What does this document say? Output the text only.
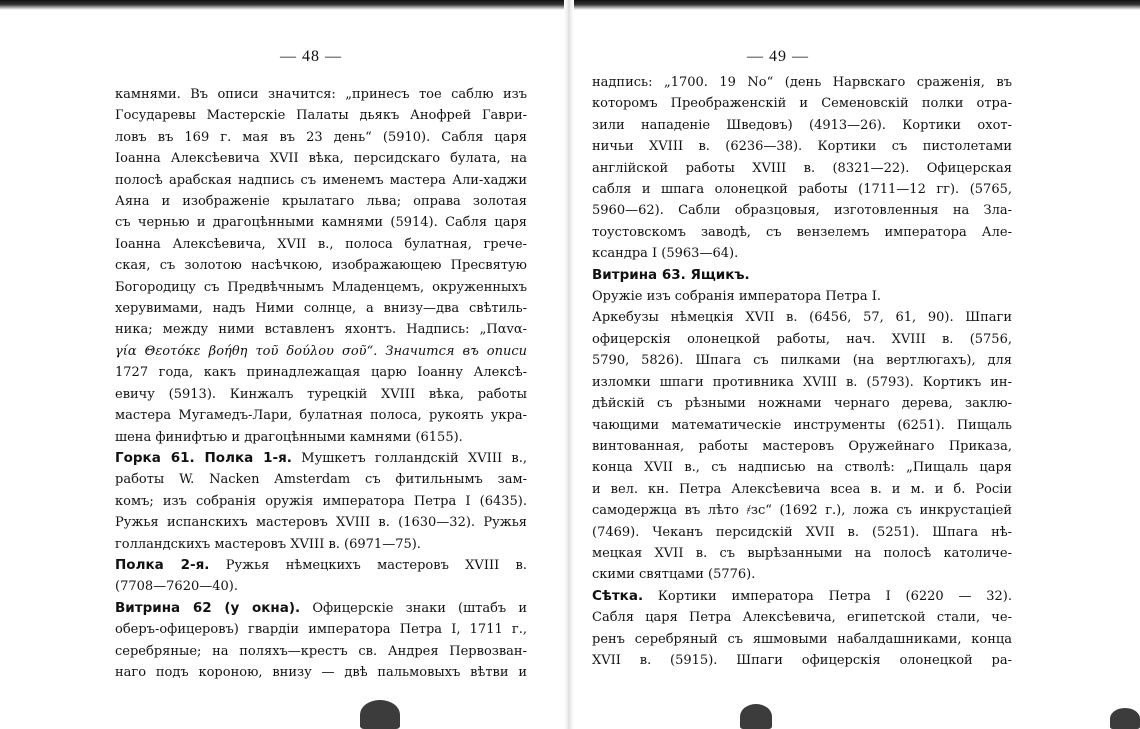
— 48 —
камнями. Въ описи значится: „принесъ тое саблю изъ
Государевы Мастерскіе Палаты дьякъ Анофрей Гаври-
ловъ въ 169 г. мая въ 23 день“ (5910). Сабля царя
Іоанна Алексѣевича XVII вѣка, персидскаго булата, на
полосѣ арабская надпись съ именемъ мастера Али-хаджи
Аяна и изображеніе крылатаго льва; оправа золотая
съ чернью и драгоцѣнными камнями (5914). Сабля царя
Іоанна Алексѣевича, XVII в., полоса булатная, грече-
ская, съ золотою насѣчкою, изображающею Пресвятую
Богородицу съ Предвѣчнымъ Младенцемъ, окруженныхъ
херувимами, надъ Ними солнце, а внизу—два свѣтиль-
ника; между ними вставленъ яхонтъ. Надпись: „Παvα-
γία Θεοτόκε βοήθη τοῦ δούλου σοῦ“. Значится въ описи
1727 года, какъ принадлежащая царю Іоанну Алексѣ-
евичу (5913). Кинжалъ турецкій XVIII вѣка, работы
мастера Мугамедъ-Лари, булатная полоса, рукоять укра-
шена финифтью и драгоцѣнными камнями (6155).
Горка 61. Полка 1-я. Мушкетъ голландскій XVIII в.,
работы W. Nacken Amsterdam съ фитильнымъ зам-
комъ; изъ собранія оружія императора Петра I (6435).
Ружья испанскихъ мастеровъ XVIII в. (1630—32). Ружья
голландскихъ мастеровъ XVIII в. (6971—75).
Полка 2-я. Ружья нѣмецкихъ мастеровъ XVIII в.
(7708—7620—40).
Витрина 62 (у окна). Офицерскіе знаки (штабъ и
оберъ-офицеровъ) гвардіи императора Петра I, 1711 г.,
серебряные; на поляхъ—крестъ св. Андрея Первозван-
наго подъ короною, внизу — двѣ пальмовыхъ вѣтви и
— 49 —
надпись: „1700. 19 No“ (день Нарвскаго сраженія, въ
которомъ Преображенскій и Семеновскій полки отра-
зили нападеніе Шведовъ) (4913—26). Кортики охот-
ничьи XVIII в. (6236—38). Кортики съ пистолетами
англійской работы XVIII в. (8321—22). Офицерская
сабля и шпага олонецкой работы (1711—12 гг). (5765,
5960—62). Сабли образцовыя, изготовленныя на Зла-
тоустовскомъ заводѣ, съ вензелемъ императора Але-
ксандра I (5963—64).
Витрина 63. Ящикъ.
Оружіе изъ собранія императора Петра I.
Аркебузы нѣмецкія XVII в. (6456, 57, 61, 90). Шпаги
офицерскія олонецкой работы, нач. XVIII в. (5756,
5790, 5826). Шпага съ пилками (на вертлюгахъ), для
изломки шпаги противника XVIII в. (5793). Кортикъ ин-
дѣйскій съ рѣзными ножнами чернаго дерева, заклю-
чающими математическіе инструменты (6251). Пищаль
винтованная, работы мастеровъ Оружейнаго Приказа,
конца XVII в., съ надписью на стволѣ: „Пищаль царя
и вел. кн. Петра Алексѣевича всеа в. и м. и б. Росіи
самодержца въ лѣто ҂зс“ (1692 г.), ложа съ инкрустаціей
(7469). Чеканъ персидскій XVII в. (5251). Шпага нѣ-
мецкая XVII в. съ вырѣзанными на полосѣ католиче-
скими святцами (5776).
Сѣтка. Кортики императора Петра I (6220 — 32).
Сабля царя Петра Алексѣевича, египетской стали, че-
ренъ серебряный съ яшмовыми набалдашниками, конца
XVII в. (5915). Шпаги офицерскія олонецкой ра-
